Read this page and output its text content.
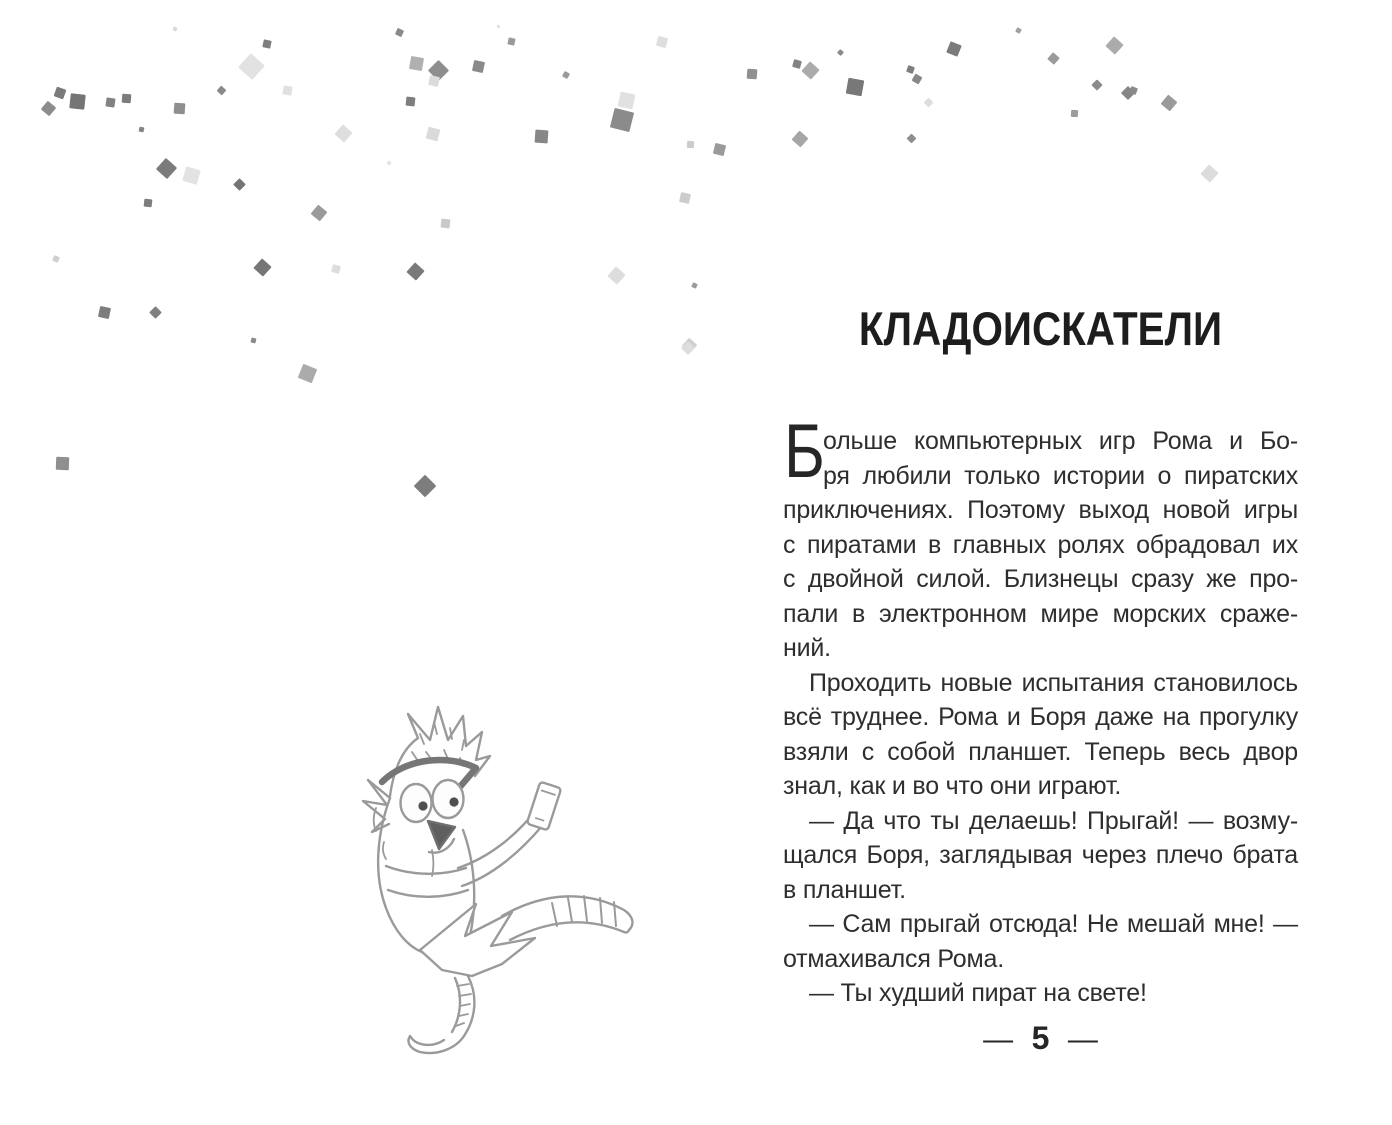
КЛАДОИСКАТЕЛИ
Б
ольше компьютерных игр Рома и Бо-
ря любили только истории о пиратских
приключениях. Поэтому выход новой игры
с пиратами в главных ролях обрадовал их
с двойной силой. Близнецы сразу же про-
пали в электронном мире морских сраже-
ний.
Проходить новые испытания становилось
всё труднее. Рома и Боря даже на прогулку
взяли с собой планшет. Теперь весь двор
знал, как и во что они играют.
— Да что ты делаешь! Прыгай! — возму-
щался Боря, заглядывая через плечо брата
в планшет.
— Сам прыгай отсюда! Не мешай мне! —
отмахивался Рома.
— Ты худший пират на свете!
— 5 —
